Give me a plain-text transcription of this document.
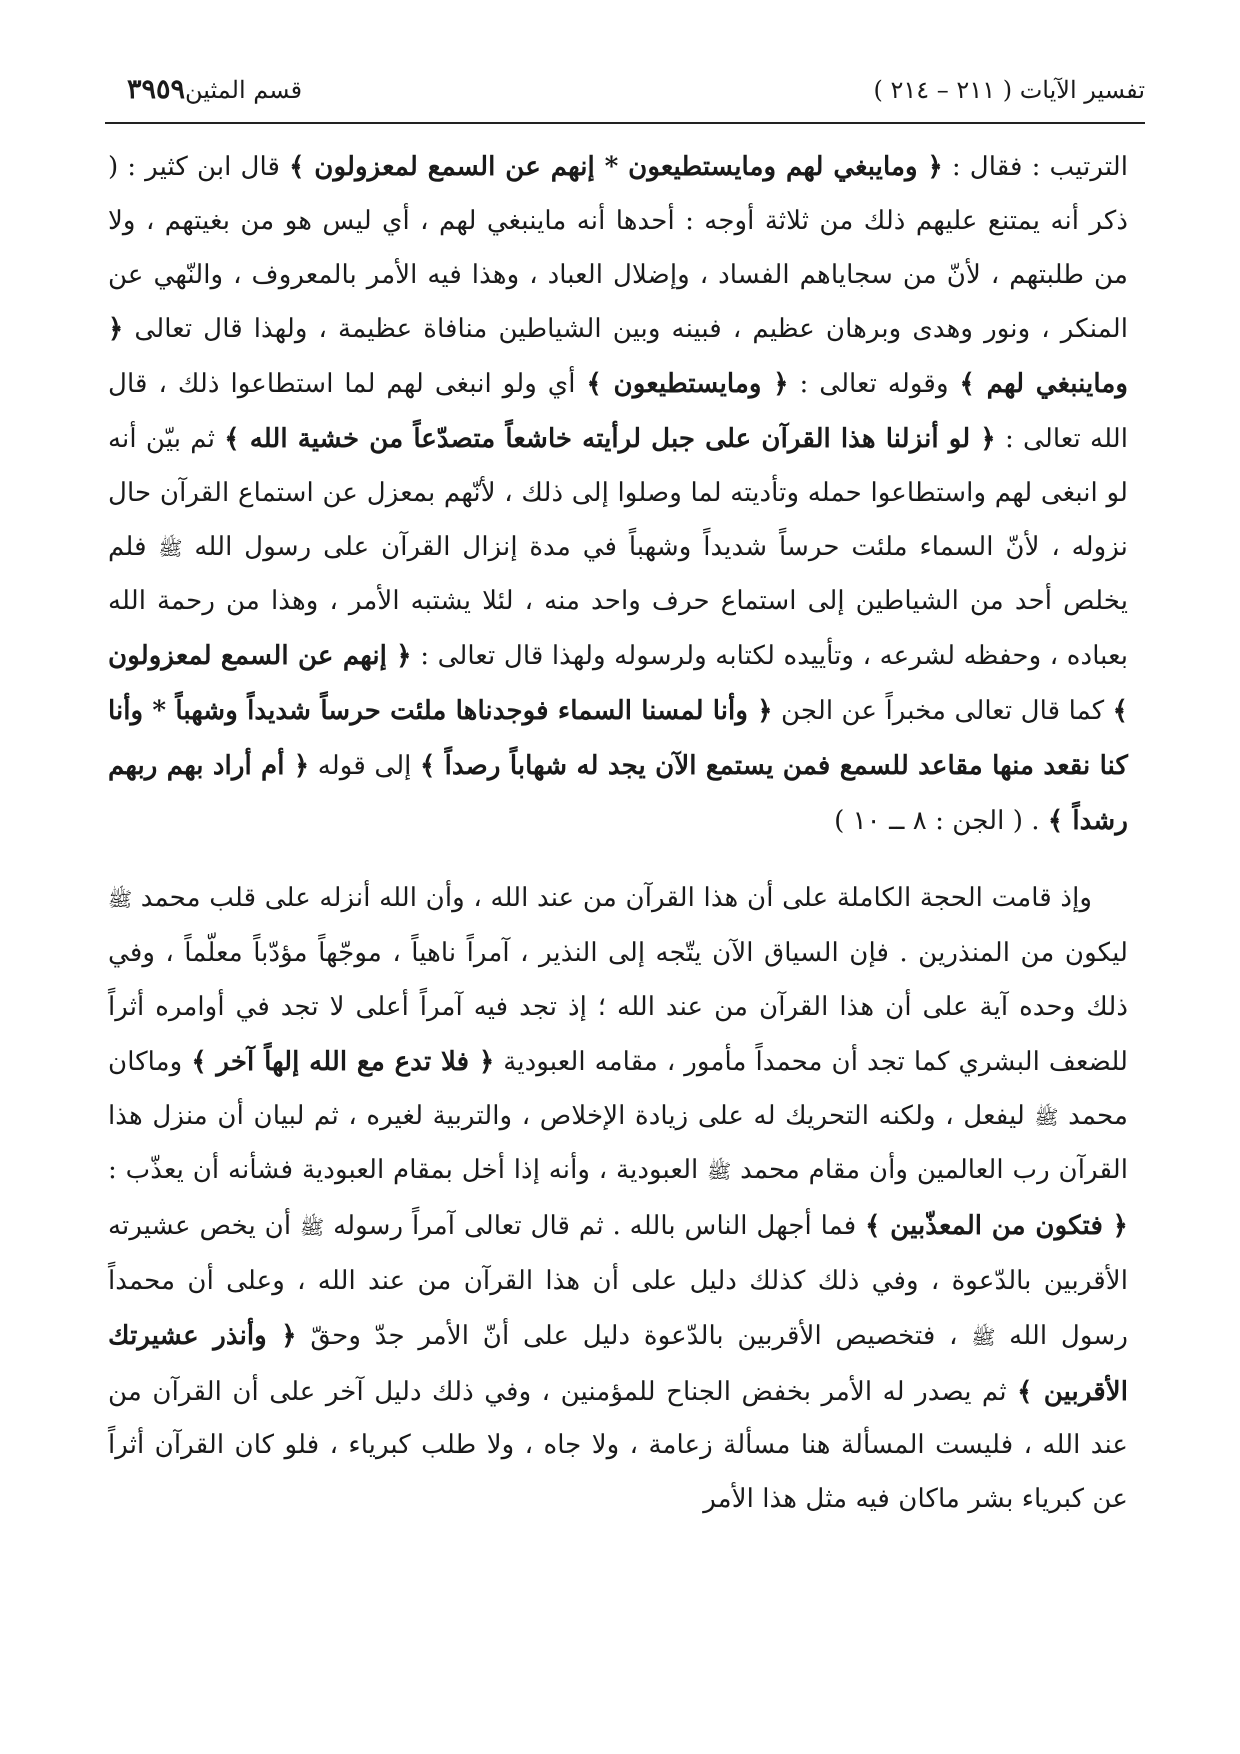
تفسير الآيات ( ٢١١ – ٢١٤ )
قسم المثين٣٩٥٩

الترتيب : فقال : ﴿ ومايبغي لهم ومايستطيعون * إنهم عن السمع لمعزولون ﴾ قال ابن كثير : ( ذكر أنه يمتنع عليهم ذلك من ثلاثة أوجه : أحدها أنه ماينبغي لهم ، أي ليس هو من بغيتهم ، ولا من طلبتهم ، لأنّ من سجاياهم الفساد ، وإضلال العباد ، وهذا فيه الأمر بالمعروف ، والنّهي عن المنكر ، ونور وهدى وبرهان عظيم ، فبينه وبين الشياطين منافاة عظيمة ، ولهذا قال تعالى ﴿ وماينبغي لهم ﴾ وقوله تعالى : ﴿ ومايستطيعون ﴾ أي ولو انبغى لهم لما استطاعوا ذلك ، قال الله تعالى : ﴿ لو أنزلنا هذا القرآن على جبل لرأيته خاشعاً متصدّعاً من خشية الله ﴾ ثم بيّن أنه لو انبغى لهم واستطاعوا حمله وتأديته لما وصلوا إلى ذلك ، لأنّهم بمعزل عن استماع القرآن حال نزوله ، لأنّ السماء ملئت حرساً شديداً وشهباً في مدة إنزال القرآن على رسول الله ﷺ فلم يخلص أحد من الشياطين إلى استماع حرف واحد منه ، لئلا يشتبه الأمر ، وهذا من رحمة الله بعباده ، وحفظه لشرعه ، وتأييده لكتابه ولرسوله ولهذا قال تعالى : ﴿ إنهم عن السمع لمعزولون ﴾ كما قال تعالى مخبراً عن الجن ﴿ وأنا لمسنا السماء فوجدناها ملئت حرساً شديداً وشهباً * وأنا كنا نقعد منها مقاعد للسمع فمن يستمع الآن يجد له شهاباً رصداً ﴾ إلى قوله ﴿ أم أراد بهم ربهم رشداً ﴾ . ( الجن : ٨ ــ ١٠ )

وإذ قامت الحجة الكاملة على أن هذا القرآن من عند الله ، وأن الله أنزله على قلب محمد ﷺ ليكون من المنذرين . فإن السياق الآن يتّجه إلى النذير ، آمراً ناهياً ، موجّهاً مؤدّباً معلّماً ، وفي ذلك وحده آية على أن هذا القرآن من عند الله ؛ إذ تجد فيه آمراً أعلى لا تجد في أوامره أثراً للضعف البشري كما تجد أن محمداً مأمور ، مقامه العبودية ﴿ فلا تدع مع الله إلهاً آخر ﴾ وماكان محمد ﷺ ليفعل ، ولكنه التحريك له على زيادة الإخلاص ، والتربية لغيره ، ثم لبيان أن منزل هذا القرآن رب العالمين وأن مقام محمد ﷺ العبودية ، وأنه إذا أخل بمقام العبودية فشأنه أن يعذّب : ﴿ فتكون من المعذّبين ﴾ فما أجهل الناس بالله . ثم قال تعالى آمراً رسوله ﷺ أن يخص عشيرته الأقربين بالدّعوة ، وفي ذلك كذلك دليل على أن هذا القرآن من عند الله ، وعلى أن محمداً رسول الله ﷺ ، فتخصيص الأقربين بالدّعوة دليل على أنّ الأمر جدّ وحقّ ﴿ وأنذر عشيرتك الأقربين ﴾ ثم يصدر له الأمر بخفض الجناح للمؤمنين ، وفي ذلك دليل آخر على أن القرآن من عند الله ، فليست المسألة هنا مسألة زعامة ، ولا جاه ، ولا طلب كبرياء ، فلو كان القرآن أثراً عن كبرياء بشر ماكان فيه مثل هذا الأمر
